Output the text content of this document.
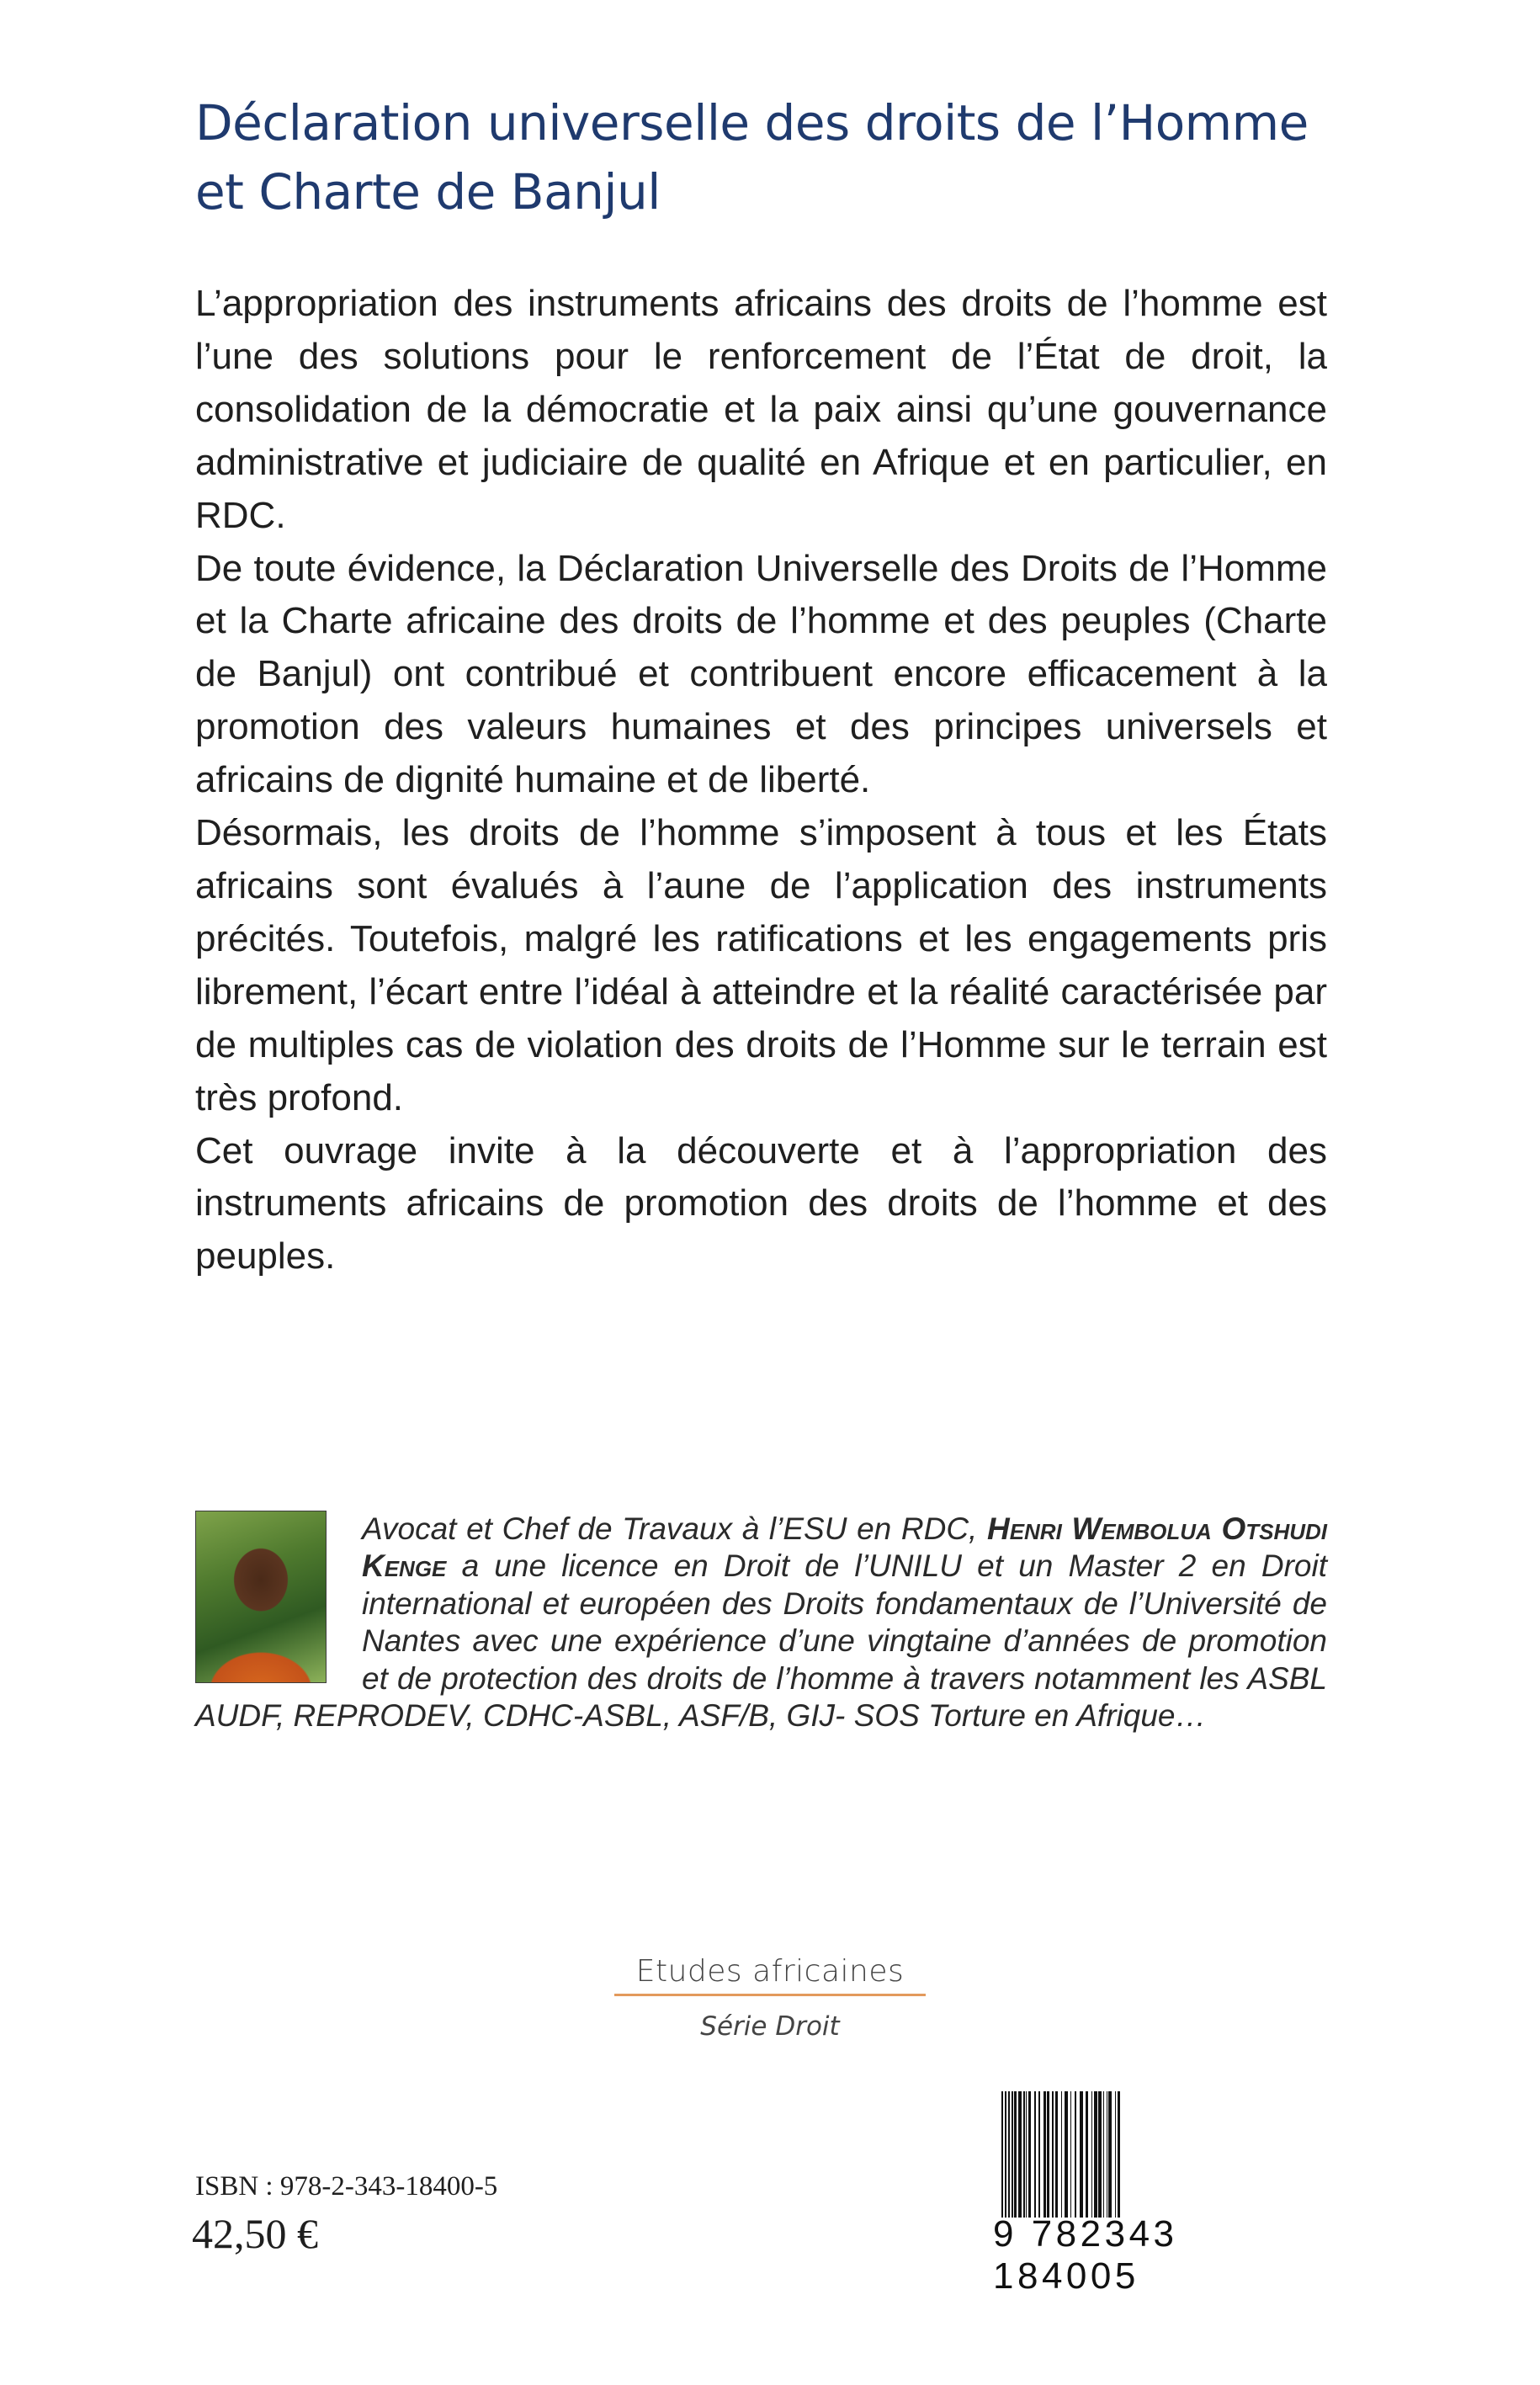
Déclaration universelle des droits de l’Homme
et Charte de Banjul

L’appropriation des instruments africains des droits de l’homme est l’une des solutions pour le renforcement de l’État de droit, la consolidation de la démocratie et la paix ainsi qu’une gouvernance administrative et judiciaire de qualité en Afrique et en particulier, en RDC.

De toute évidence, la Déclaration Universelle des Droits de l’Homme et la Charte africaine des droits de l’homme et des peuples (Charte de Banjul) ont contribué et contribuent encore efficacement à la promotion des valeurs humaines et des principes universels et africains de dignité humaine et de liberté.

Désormais, les droits de l’homme s’imposent à tous et les États africains sont évalués à l’aune de l’application des instruments précités. Toutefois, malgré les ratifications et les engagements pris librement, l’écart entre l’idéal à atteindre et la réalité caractérisée par de multiples cas de violation des droits de l’Homme sur le terrain est très profond.

Cet ouvrage invite à la découverte et à l’appropriation des instruments africains de promotion des droits de l’homme et des peuples.

Avocat et Chef de Travaux à l’ESU en RDC, Henri Wembolua Otshudi Kenge a une licence en Droit de l’UNILU et un Master 2 en Droit international et européen des Droits fondamentaux de l’Université de Nantes avec une expérience d’une vingtaine d’années de promotion et de protection des droits de l’homme à travers notamment les ASBL AUDF, REPRODEV, CDHC-ASBL, ASF/B, GIJ- SOS Torture en Afrique…
Etudes africaines
Série Droit
ISBN : 978-2-343-18400-5
42,50 €	9 782343 184005
